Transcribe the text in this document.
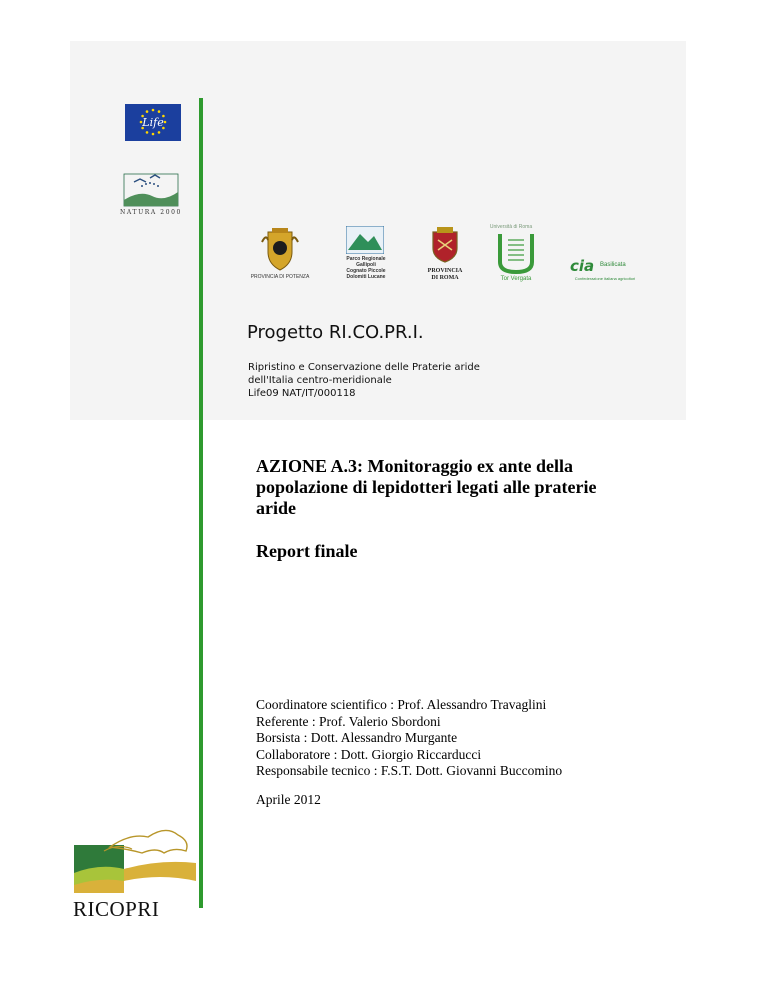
Life
NATURA 2000
PROVINCIA DI POTENZA
Parco Regionale
Gallipoli
Cognato Piccole
Dolomiti Lucane
PROVINCIA
DI ROMA
Università di Roma
Tor Vergata
cia Basilicata
Confederazione italiana agricoltori
Progetto RI.CO.PR.I.
Ripristino e Conservazione delle Praterie aride
dell'Italia centro-meridionale
Life09 NAT/IT/000118
AZIONE A.3: Monitoraggio ex ante della popolazione di lepidotteri legati alle praterie aride
Report finale
Coordinatore scientifico : Prof. Alessandro Travaglini
Referente : Prof. Valerio Sbordoni
Borsista : Dott. Alessandro Murgante
Collaboratore : Dott. Giorgio Riccarducci
Responsabile tecnico : F.S.T. Dott. Giovanni Buccomino
Aprile 2012
RICOPRI
